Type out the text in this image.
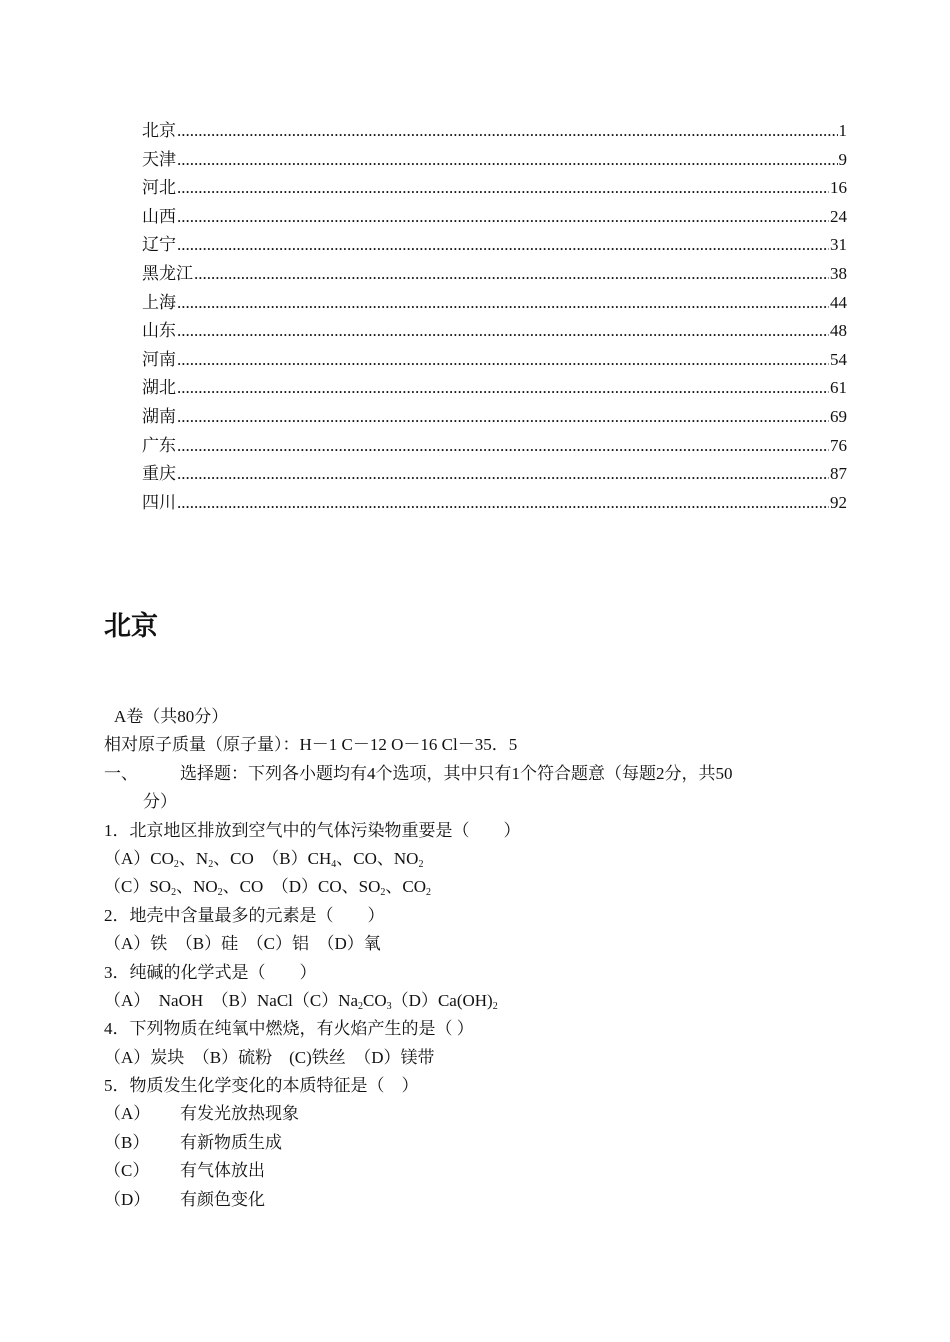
北京 .....	1
天津 .....	9
河北 .....	16
山西 .....	24
辽宁 .....	31
黑龙江 .....	38
上海 .....	44
山东 .....	48
河南 .....	54
湖北 .....	61
湖南 .....	69
广东 .....	76
重庆 .....	87
四川 .....	92
北京
A卷（共80分）
相对原子质量（原子量）：H－1 C－12 O－16 Cl－35．5
一、	选择题：下列各小题均有4个选项，其中只有1个符合题意（每题2分，共50
分）
1．北京地区排放到空气中的气体污染物重要是（　　）
$(A)CO_2$、$N_2$、CO　$(B)CH_4$、CO、$NO_2$
$(C)SO_2$、$NO_2$、CO　（D）CO、$SO_2$、$CO_2$
2．地壳中含量最多的元素是（　　）
（A）铁　（B）硅　（C）铝　（D）氧
3．纯碱的化学式是（　　）
（A）　NaOH　$(B)NaCl(C)Na_2CO_3(D)Ca(OH)_2$
4．下列物质在纯氧中燃烧，有火焰产生的是（ ）
（A）炭块　（B）硫粉　(C)铁丝　（D）镁带
5．物质发生化学变化的本质特征是（　）
（A） 有发光放热现象
（B） 有新物质生成
（C） 有气体放出
（D） 有颜色变化
